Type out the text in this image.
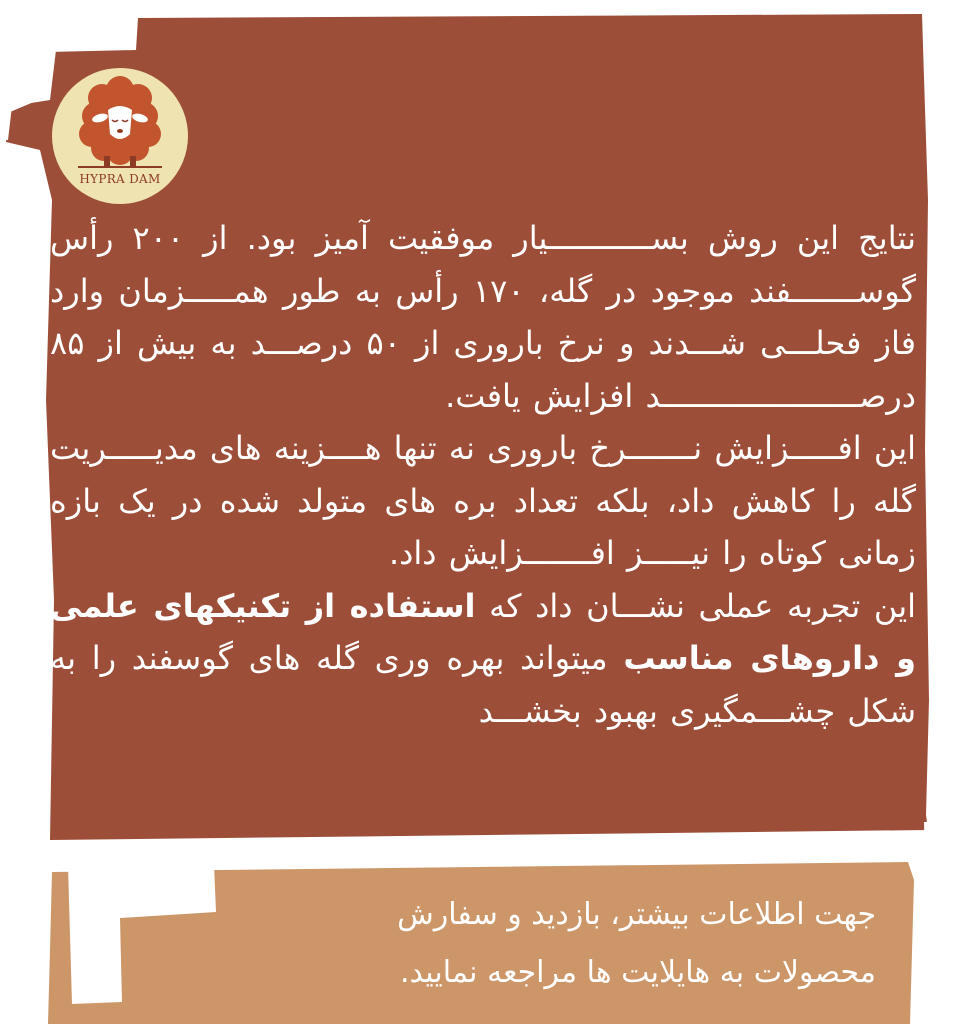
HYPRA DAM

نتایج این روش بســـــــــــیار موفقیت آمیز بود. از ۲۰۰ رأس گوســـــــفند موجود در گله، ۱۷۰ رأس به طور همـــــزمان وارد فاز فحلـــی شـــدند و نرخ باروری از ۵۰ درصـــد به بیش از ۸۵ درصـــــــــــــــــــــد افزایش یافت.

این افـــــزایش نـــــــرخ باروری نه تنها هــــزینه های مدیـــــریت گله را کاهش داد، بلکه تعداد بره های متولد شده در یک بازه زمانی کوتاه را نیـــــز افـــــــزایش داد.

این تجربه عملی نشـــان داد که استفاده از تکنیکهای علمی و داروهای مناسب میتواند بهره وری گله های گوسفند را به شکل چشـــمگیری بهبود بخشـــد

جهت اطلاعات بیشتر، بازدید و سفارش
محصولات به هایلایت ها مراجعه نمایید.
